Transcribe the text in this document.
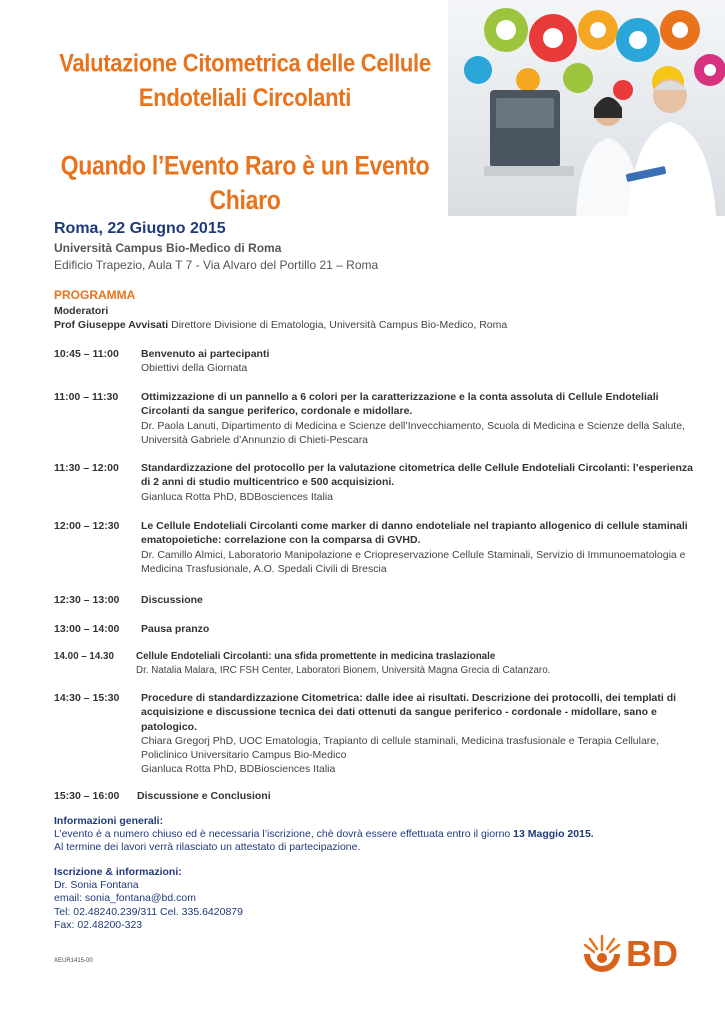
Valutazione Citometrica delle Cellule
Endoteliali Circolanti
Quando l’Evento Raro è un Evento Chiaro
Roma, 22 Giugno 2015
Università Campus Bio-Medico di Roma
Edificio Trapezio, Aula T 7 - Via Alvaro del Portillo 21 – Roma
PROGRAMMA
Moderatori
Prof Giuseppe Avvisati Direttore Divisione di Ematologia, Università Campus Bio-Medico, Roma
10:45 – 11:00 Benvenuto ai partecipanti
Obiettivi della Giornata
11:00 – 11:30 Ottimizzazione di un pannello a 6 colori per la caratterizzazione e la conta assoluta di Cellule Endoteliali Circolanti da sangue periferico, cordonale e midollare.
Dr. Paola Lanuti, Dipartimento di Medicina e Scienze dell’Invecchiamento, Scuola di Medicina e Scienze della Salute, Università Gabriele d’Annunzio di Chieti-Pescara
11:30 – 12:00 Standardizzazione del protocollo per la valutazione citometrica delle Cellule Endoteliali Circolanti: l’esperienza di 2 anni di studio multicentrico e 500 acquisizioni.
Gianluca Rotta PhD, BDBosciences Italia
12:00 – 12:30 Le Cellule Endoteliali Circolanti come marker di danno endoteliale nel trapianto allogenico di cellule staminali ematopoietiche: correlazione con la comparsa di GVHD.
Dr. Camillo Almici, Laboratorio Manipolazione e Criopreservazione Cellule Staminali, Servizio di Immunoematologia e Medicina Trasfusionale, A.O. Spedali Civili di Brescia
12:30 – 13:00 Discussione
13:00 – 14:00 Pausa pranzo
14.00 – 14.30 Cellule Endoteliali Circolanti: una sfida promettente in medicina traslazionale
Dr. Natalia Malara, IRC FSH Center, Laboratori Bionem, Università Magna Grecia di Catanzaro.
14:30 – 15:30 Procedure di standardizzazione Citometrica: dalle idee ai risultati. Descrizione dei protocolli, dei templati di acquisizione e discussione tecnica dei dati ottenuti da sangue periferico - cordonale - midollare, sano e patologico.
Chiara Gregorj PhD, UOC Ematologia, Trapianto di cellule staminali, Medicina trasfusionale e Terapia Cellulare, Policlinico Universitario Campus Bio-Medico
Gianluca Rotta PhD, BDBiosciences Italia
15:30 – 16:00 Discussione e Conclusioni
Informazioni generali:
L’evento é a numero chiuso ed è necessaria l’iscrizione, chè dovrà essere effettuata entro il giorno 13 Maggio 2015.
Al termine dei lavori verrà rilasciato un attestato di partecipazione.
Iscrizione & informazioni:
Dr. Sonia Fontana
email: sonia_fontana@bd.com
Tel: 02.48240.239/311 Cel. 335.6420879
Fax: 02.48200-323
XEUR1415-00	BD
